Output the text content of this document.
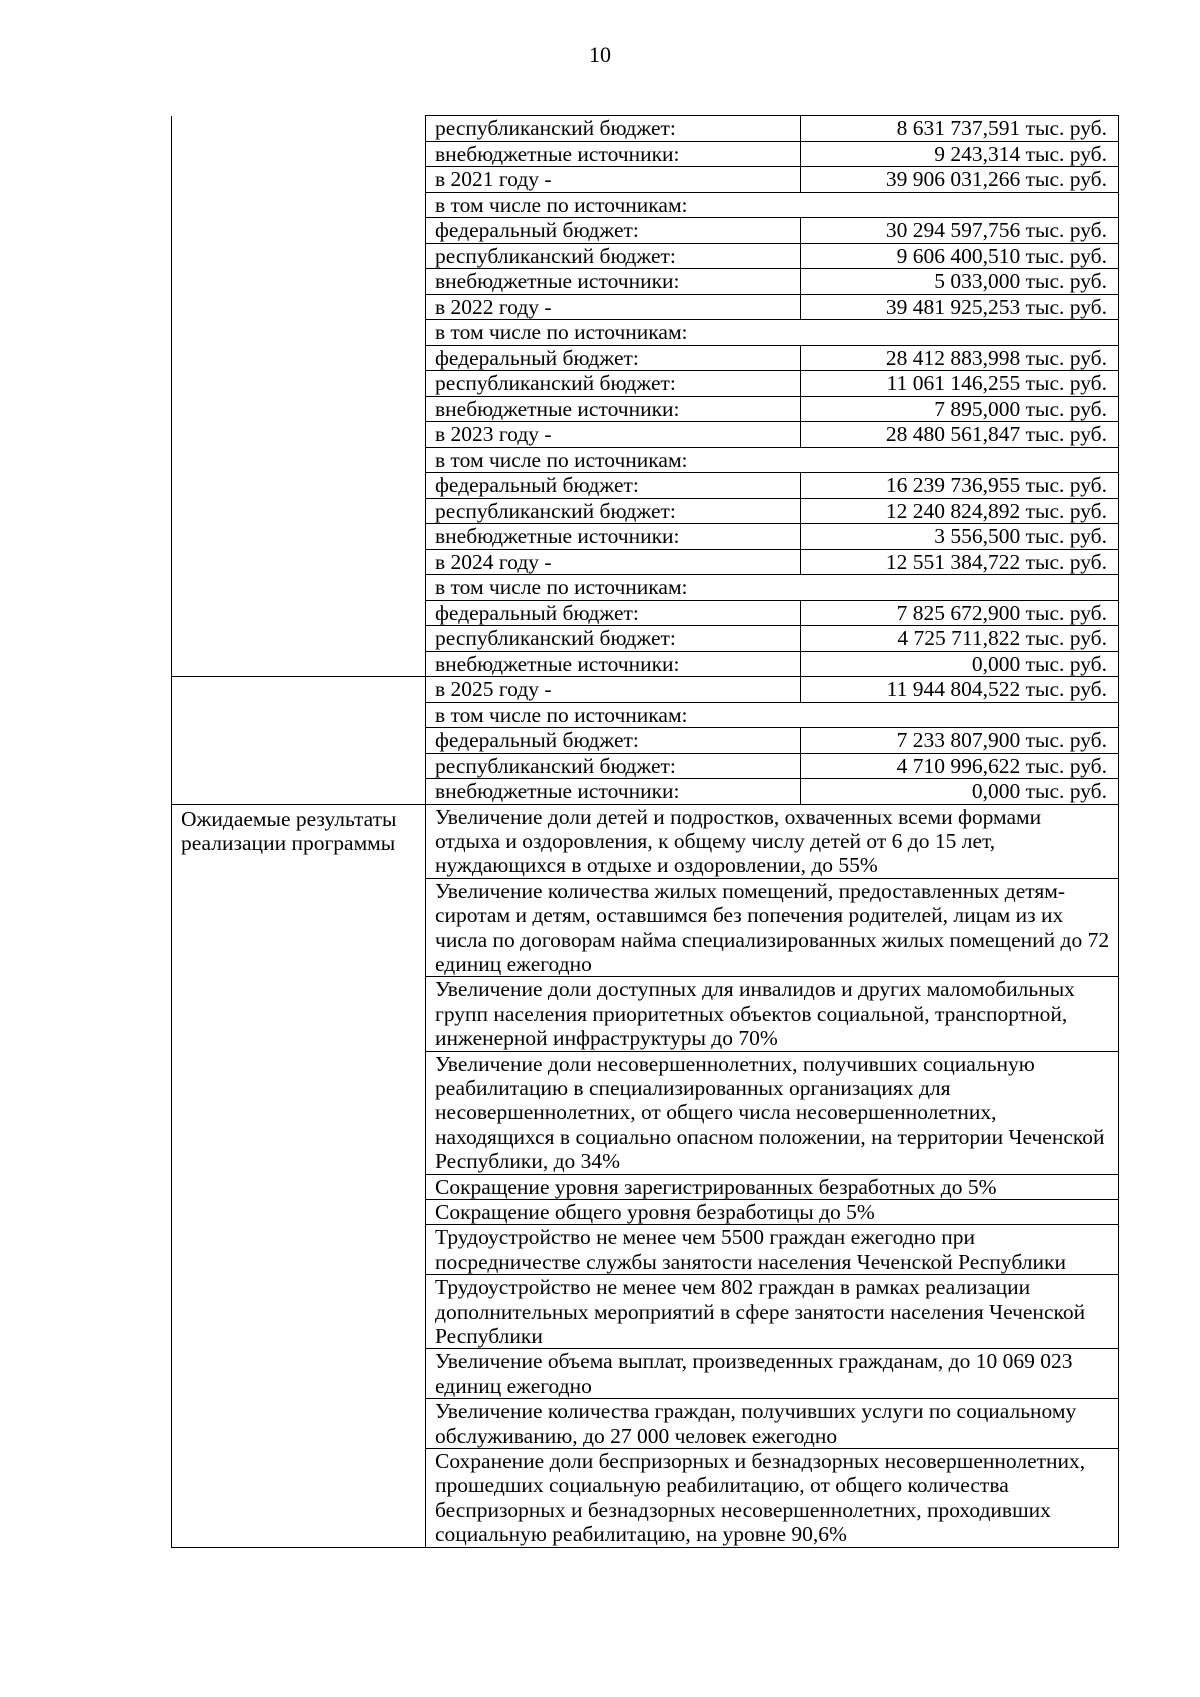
10
	республиканский бюджет:	8 631 737,591 тыс. руб.
	внебюджетные источники:	9 243,314 тыс. руб.
	в 2021 году -	39 906 031,266 тыс. руб.
	в том числе по источникам:	
	федеральный бюджет:	30 294 597,756 тыс. руб.
	республиканский бюджет:	9 606 400,510 тыс. руб.
	внебюджетные источники:	5 033,000 тыс. руб.
	в 2022 году -	39 481 925,253 тыс. руб.
	в том числе по источникам:	
	федеральный бюджет:	28 412 883,998 тыс. руб.
	республиканский бюджет:	11 061 146,255 тыс. руб.
	внебюджетные источники:	7 895,000 тыс. руб.
	в 2023 году -	28 480 561,847 тыс. руб.
	в том числе по источникам:	
	федеральный бюджет:	16 239 736,955 тыс. руб.
	республиканский бюджет:	12 240 824,892 тыс. руб.
	внебюджетные источники:	3 556,500 тыс. руб.
	в 2024 году -	12 551 384,722 тыс. руб.
	в том числе по источникам:	
	федеральный бюджет:	7 825 672,900 тыс. руб.
	республиканский бюджет:	4 725 711,822 тыс. руб.
	внебюджетные источники:	0,000 тыс. руб.
	в 2025 году -	11 944 804,522 тыс. руб.
	в том числе по источникам:	
	федеральный бюджет:	7 233 807,900 тыс. руб.
	республиканский бюджет:	4 710 996,622 тыс. руб.
	внебюджетные источники:	0,000 тыс. руб.

Ожидаемые результаты реализации программы	Увеличение доли детей и подростков, охваченных всеми формами отдыха и оздоровления, к общему числу детей от 6 до 15 лет, нуждающихся в отдыхе и оздоровлении, до 55%	
	Увеличение количества жилых помещений, предоставленных детям-сиротам и детям, оставшимся без попечения родителей, лицам из их числа по договорам найма специализированных жилых помещений до 72 единиц ежегодно	
	Увеличение доли доступных для инвалидов и других маломобильных групп населения приоритетных объектов социальной, транспортной, инженерной инфраструктуры до 70%	
	Увеличение доли несовершеннолетних, получивших социальную реабилитацию в специализированных организациях для несовершеннолетних, от общего числа несовершеннолетних, находящихся в социально опасном положении, на территории Чеченской Республики, до 34%	
	Сокращение уровня зарегистрированных безработных до 5%	
	Сокращение общего уровня безработицы до 5%	
	Трудоустройство не менее чем 5500 граждан ежегодно при посредничестве службы занятости населения Чеченской Республики	
	Трудоустройство не менее чем 802 граждан в рамках реализации дополнительных мероприятий в сфере занятости населения Чеченской Республики	
	Увеличение объема выплат, произведенных гражданам, до 10 069 023 единиц ежегодно	
	Увеличение количества граждан, получивших услуги по социальному обслуживанию, до 27 000 человек ежегодно	
	Сохранение доли беспризорных и безнадзорных несовершеннолетних, прошедших социальную реабилитацию, от общего количества беспризорных и безнадзорных несовершеннолетних, проходивших социальную реабилитацию, на уровне 90,6%	
